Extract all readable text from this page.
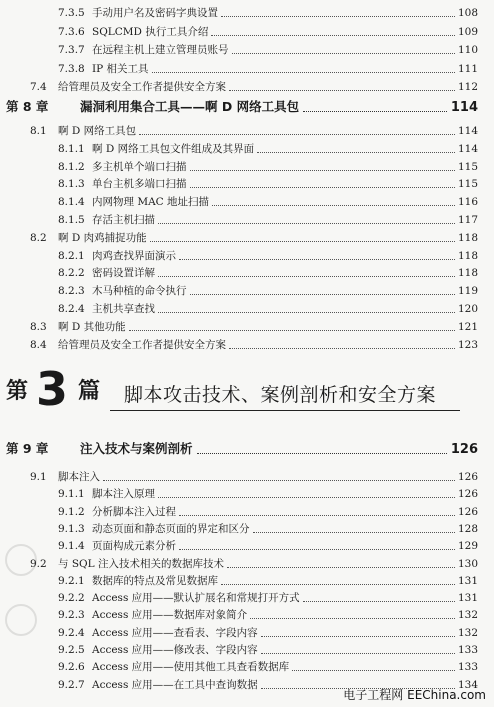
7.3.5 手动用户名及密码字典设置	108
7.3.6 SQLCMD 执行工具介绍	109
7.3.7 在远程主机上建立管理员账号	110
7.3.8 IP 相关工具	111
7.4	给管理员及安全工作者提供安全方案	112
第 8 章	漏洞利用集合工具——啊 D 网络工具包	114
8.1	啊 D 网络工具包	114
8.1.1 啊 D 网络工具包文件组成及其界面	114
8.1.2 多主机单个端口扫描	115
8.1.3 单台主机多端口扫描	115
8.1.4 内网物理 MAC 地址扫描	116
8.1.5 存活主机扫描	117
8.2	啊 D 肉鸡捕捉功能	118
8.2.1 肉鸡查找界面演示	118
8.2.2 密码设置详解	118
8.2.3 木马种植的命令执行	119
8.2.4 主机共享查找	120
8.3	啊 D 其他功能	121
8.4	给管理员及安全工作者提供安全方案	123
第 3 篇 脚本攻击技术、案例剖析和安全方案
第 9 章	注入技术与案例剖析	126
9.1	脚本注入	126
9.1.1 脚本注入原理	126
9.1.2 分析脚本注入过程	126
9.1.3 动态页面和静态页面的界定和区分	128
9.1.4 页面构成元素分析	129
9.2	与 SQL 注入技术相关的数据库技术	130
9.2.1 数据库的特点及常见数据库	131
9.2.2 Access 应用——默认扩展名和常规打开方式	131
9.2.3 Access 应用——数据库对象简介	132
9.2.4 Access 应用——查看表、字段内容	132
9.2.5 Access 应用——修改表、字段内容	133
9.2.6 Access 应用——使用其他工具查看数据库	133
9.2.7 Access 应用——在工具中查询数据	134
电子工程网 EEChina.com
